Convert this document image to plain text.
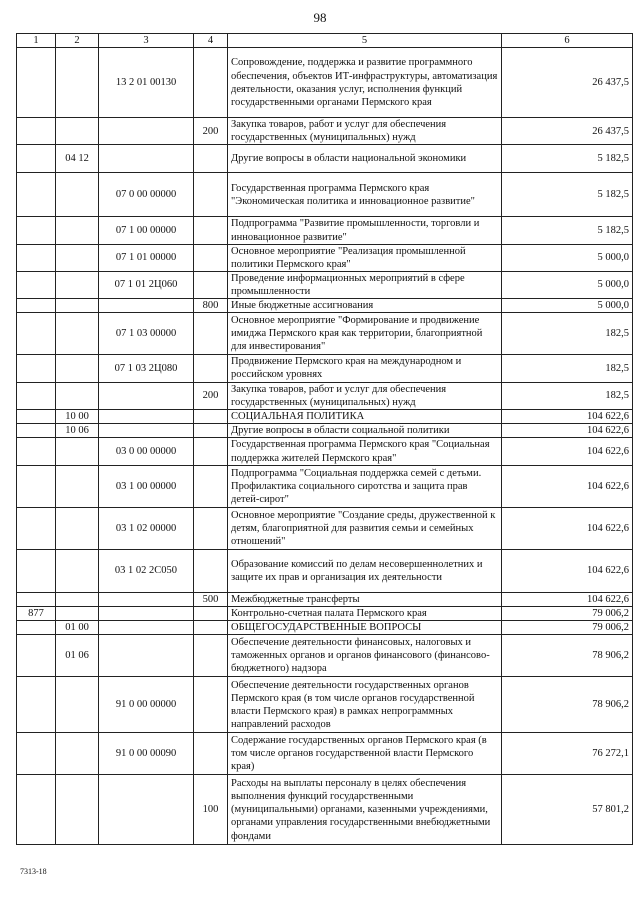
98
1	2	3	4	5	6
		13 2 01 00130		Сопровождение, поддержка и развитие программного обеспечения, объектов ИТ-инфраструктуры, автоматизация деятельности, оказания услуг, исполнения функций государственными органами Пермского края	26 437,5
			200	Закупка товаров, работ и услуг для обеспечения государственных (муниципальных) нужд	26 437,5
	04 12			Другие вопросы в области национальной экономики	5 182,5
		07 0 00 00000		Государственная программа Пермского края "Экономическая политика и инновационное развитие"	5 182,5
		07 1 00 00000		Подпрограмма "Развитие промышленности, торговли и инновационное развитие"	5 182,5
		07 1 01 00000		Основное мероприятие "Реализация промышленной политики Пермского края"	5 000,0
		07 1 01 2Ц060		Проведение информационных мероприятий в сфере промышленности	5 000,0
			800	Иные бюджетные ассигнования	5 000,0
		07 1 03 00000		Основное мероприятие "Формирование и продвижение имиджа Пермского края как территории, благоприятной для инвестирования"	182,5
		07 1 03 2Ц080		Продвижение Пермского края на международном и российском уровнях	182,5
			200	Закупка товаров, работ и услуг для обеспечения государственных (муниципальных) нужд	182,5
	10 00			СОЦИАЛЬНАЯ ПОЛИТИКА	104 622,6
	10 06			Другие вопросы в области социальной политики	104 622,6
		03 0 00 00000		Государственная программа Пермского края "Социальная поддержка жителей Пермского края"	104 622,6
		03 1 00 00000		Подпрограмма "Социальная поддержка семей с детьми. Профилактика социального сиротства и защита прав детей-сирот"	104 622,6
		03 1 02 00000		Основное мероприятие "Создание среды, дружественной к детям, благоприятной для развития семьи и семейных отношений"	104 622,6
		03 1 02 2С050		Образование комиссий по делам несовершеннолетних и защите их прав и организация их деятельности	104 622,6
			500	Межбюджетные трансферты	104 622,6
877				Контрольно-счетная палата Пермского края	79 006,2
	01 00			ОБЩЕГОСУДАРСТВЕННЫЕ ВОПРОСЫ	79 006,2
	01 06			Обеспечение деятельности финансовых, налоговых и таможенных органов и органов финансового (финансово-бюджетного) надзора	78 906,2
		91 0 00 00000		Обеспечение деятельности государственных органов Пермского края (в том числе органов государственной власти Пермского края) в рамках непрограммных направлений расходов	78 906,2
		91 0 00 00090		Содержание государственных органов Пермского края (в том числе органов государственной власти Пермского края)	76 272,1
			100	Расходы на выплаты персоналу в целях обеспечения выполнения функций государственными (муниципальными) органами, казенными учреждениями, органами управления государственными внебюджетными фондами	57 801,2
7313-18
